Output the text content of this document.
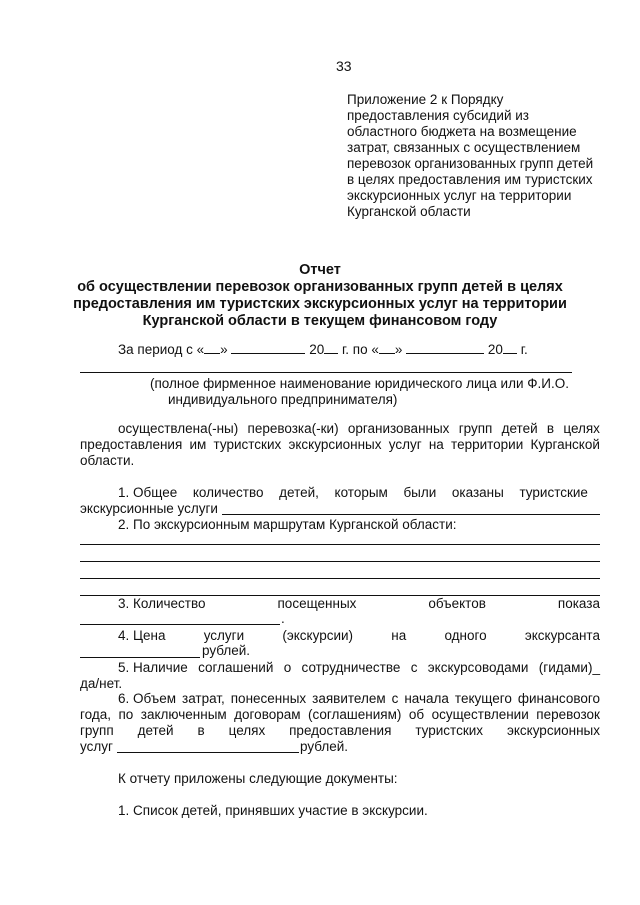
33
Приложение 2 к Порядку
предоставления субсидий из
областного бюджета на возмещение
затрат, связанных с осуществлением
перевозок организованных групп детей
в целях предоставления им туристских
экскурсионных услуг на территории
Курганской области
Отчет
об осуществлении перевозок организованных групп детей в целях
предоставления им туристских экскурсионных услуг на территории
Курганской области в текущем финансовом году
За период с « »	20 г. по « »	20 г.
(полное фирменное наименование юридического лица или Ф.И.О.
индивидуального предпринимателя)
осуществлена(-ны) перевозка(-ки) организованных групп детей в целях
предоставления им туристских экскурсионных услуг на территории Курганской
области.
1. Общее количество детей, которым были оказаны туристские
экскурсионные услуги
2. По экскурсионным маршрутам Курганской области:
3. Количество	посещенных	объектов	показа
.
4. Цена	услуги	(экскурсии)	на	одного	экскурсанта
рублей.
5. Наличие соглашений о сотрудничестве с экскурсоводами (гидами)_
да/нет.
6. Объем затрат, понесенных заявителем с начала текущего финансового
года, по заключенным договорам (соглашениям) об осуществлении перевозок
групп детей в целях предоставления туристских экскурсионных
услуг	рублей.
К отчету приложены следующие документы:
1. Список детей, принявших участие в экскурсии.
